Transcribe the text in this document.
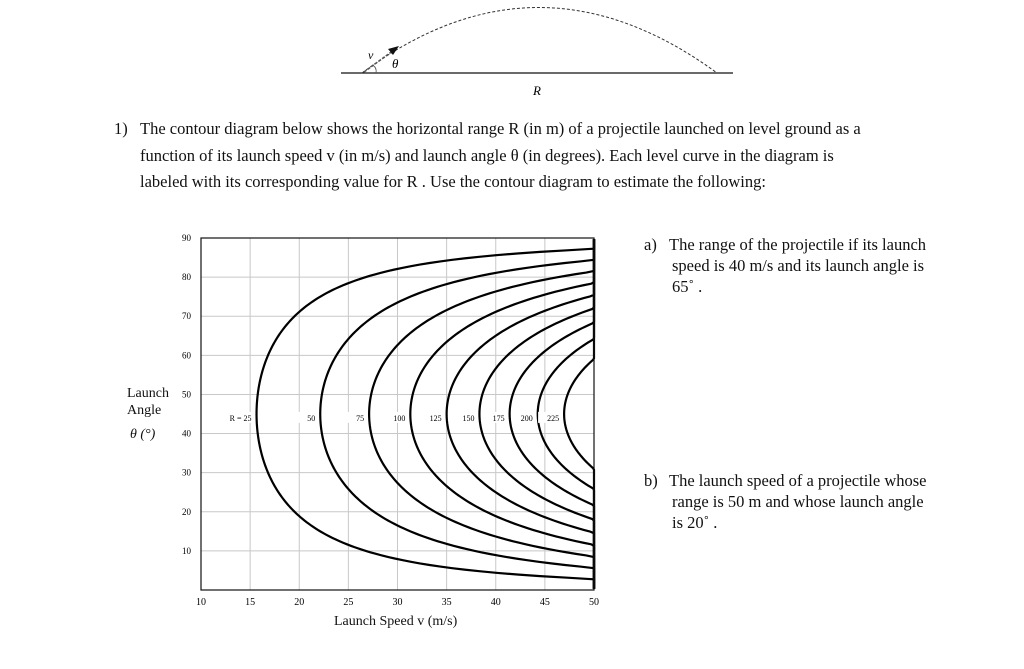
v
θ
R
10	15	20	25	30	35	40	45	50
10
20
30
40
50
60
70
80
90
R = 25	50	75	100	125	150 175 200 225
1) The contour diagram below shows the horizontal range R (in m) of a projectile launched on level ground as a
function of its launch speed v (in m/s) and launch angle θ (in degrees). Each level curve in the diagram is
labeled with its corresponding value for R . Use the contour diagram to estimate the following:
a) The range of the projectile if its launch
speed is 40 m/s and its launch angle is
65˚ .
b) The launch speed of a projectile whose
range is 50 m and whose launch angle
is 20˚ .
Launch
Angle
θ (°)
Launch Speed v (m/s)
